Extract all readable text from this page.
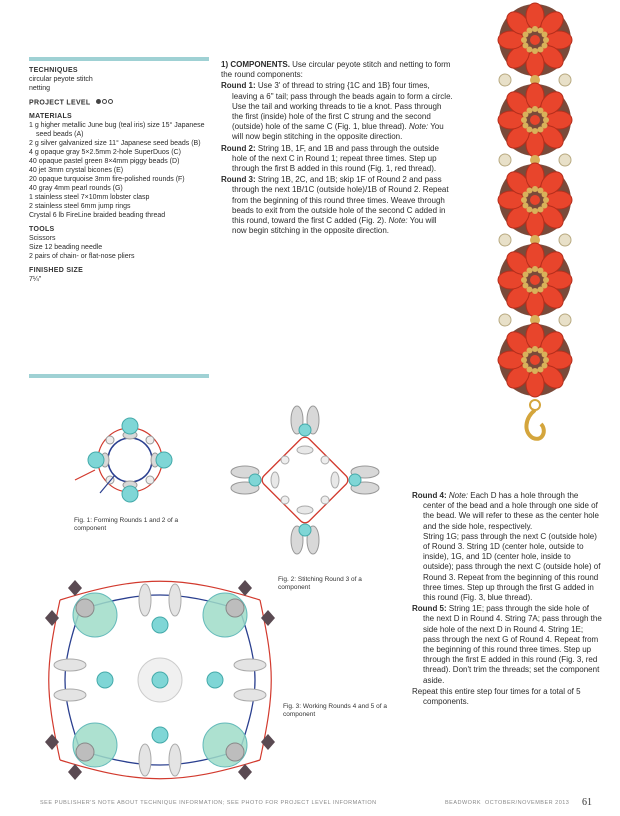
TECHNIQUES
circular peyote stitch
netting
PROJECT LEVEL
MATERIALS
1 g higher metallic June bug (teal iris) size 15° Japanese seed beads (A)
2 g silver galvanized size 11° Japanese seed beads (B)
4 g opaque gray 5×2.5mm 2-hole SuperDuos (C)
40 opaque pastel green 8×4mm piggy beads (D)
40 jet 3mm crystal bicones (E)
20 opaque turquoise 3mm fire-polished rounds (F)
40 gray 4mm pearl rounds (G)
1 stainless steel 7×10mm lobster clasp
2 stainless steel 6mm jump rings
Crystal 6 lb FireLine braided beading thread
TOOLS
Scissors
Size 12 beading needle
2 pairs of chain- or flat-nose pliers
FINISHED SIZE
7¼"

1) COMPONENTS. Use circular peyote stitch and netting to form the round components:

Round 1: Use 3' of thread to string {1C and 1B} four times, leaving a 6" tail; pass through the beads again to form a circle. Use the tail and working threads to tie a knot. Pass through the first (inside) hole of the first C strung and the second (outside) hole of the same C (Fig. 1, blue thread). Note: You will now begin stitching in the opposite direction.

Round 2: String 1B, 1F, and 1B and pass through the outside hole of the next C in Round 1; repeat three times. Step up through the first B added in this round (Fig. 1, red thread).

Round 3: String 1B, 2C, and 1B; skip 1F of Round 2 and pass through the next 1B/1C (outside hole)/1B of Round 2. Repeat from the beginning of this round three times. Weave through beads to exit from the outside hole of the second C added in this round, toward the first C added (Fig. 2). Note: You will now begin stitching in the opposite direction.

Fig. 1: Forming Rounds 1 and 2 of a component
Fig. 2: Stitching Round 3 of a component
Fig. 3: Working Rounds 4 and 5 of a component

Round 4: Note: Each D has a hole through the center of the bead and a hole through one side of the bead. We will refer to these as the center hole and the side hole, respectively.
String 1G; pass through the next C (outside hole) of Round 3. String 1D (center hole, outside to inside), 1G, and 1D (center hole, inside to outside); pass through the next C (outside hole) of Round 3. Repeat from the beginning of this round three times. Step up through the first G added in this round (Fig. 3, blue thread).

Round 5: String 1E; pass through the side hole of the next D in Round 4. String 7A; pass through the side hole of the next D in Round 4. String 1E; pass through the next G of Round 4. Repeat from the beginning of this round three times. Step up through the first E added in this round (Fig. 3, red thread). Don't trim the threads; set the component aside.

Repeat this entire step four times for a total of 5 components.

SEE PUBLISHER'S NOTE ABOUT TECHNIQUE INFORMATION; SEE PHOTO FOR PROJECT LEVEL INFORMATION	BEADWORK OCTOBER/NOVEMBER 2013 61
